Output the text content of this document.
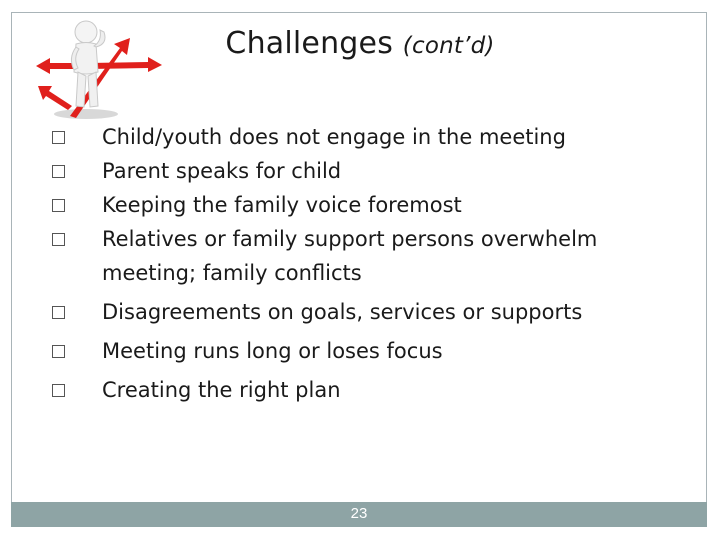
Challenges (cont’d)
Child/youth does not engage in the meeting
Parent speaks for child
Keeping the family voice foremost
Relatives or family support persons overwhelm meeting; family conflicts
Disagreements on goals, services or supports
Meeting runs long or loses focus
Creating the right plan
23
